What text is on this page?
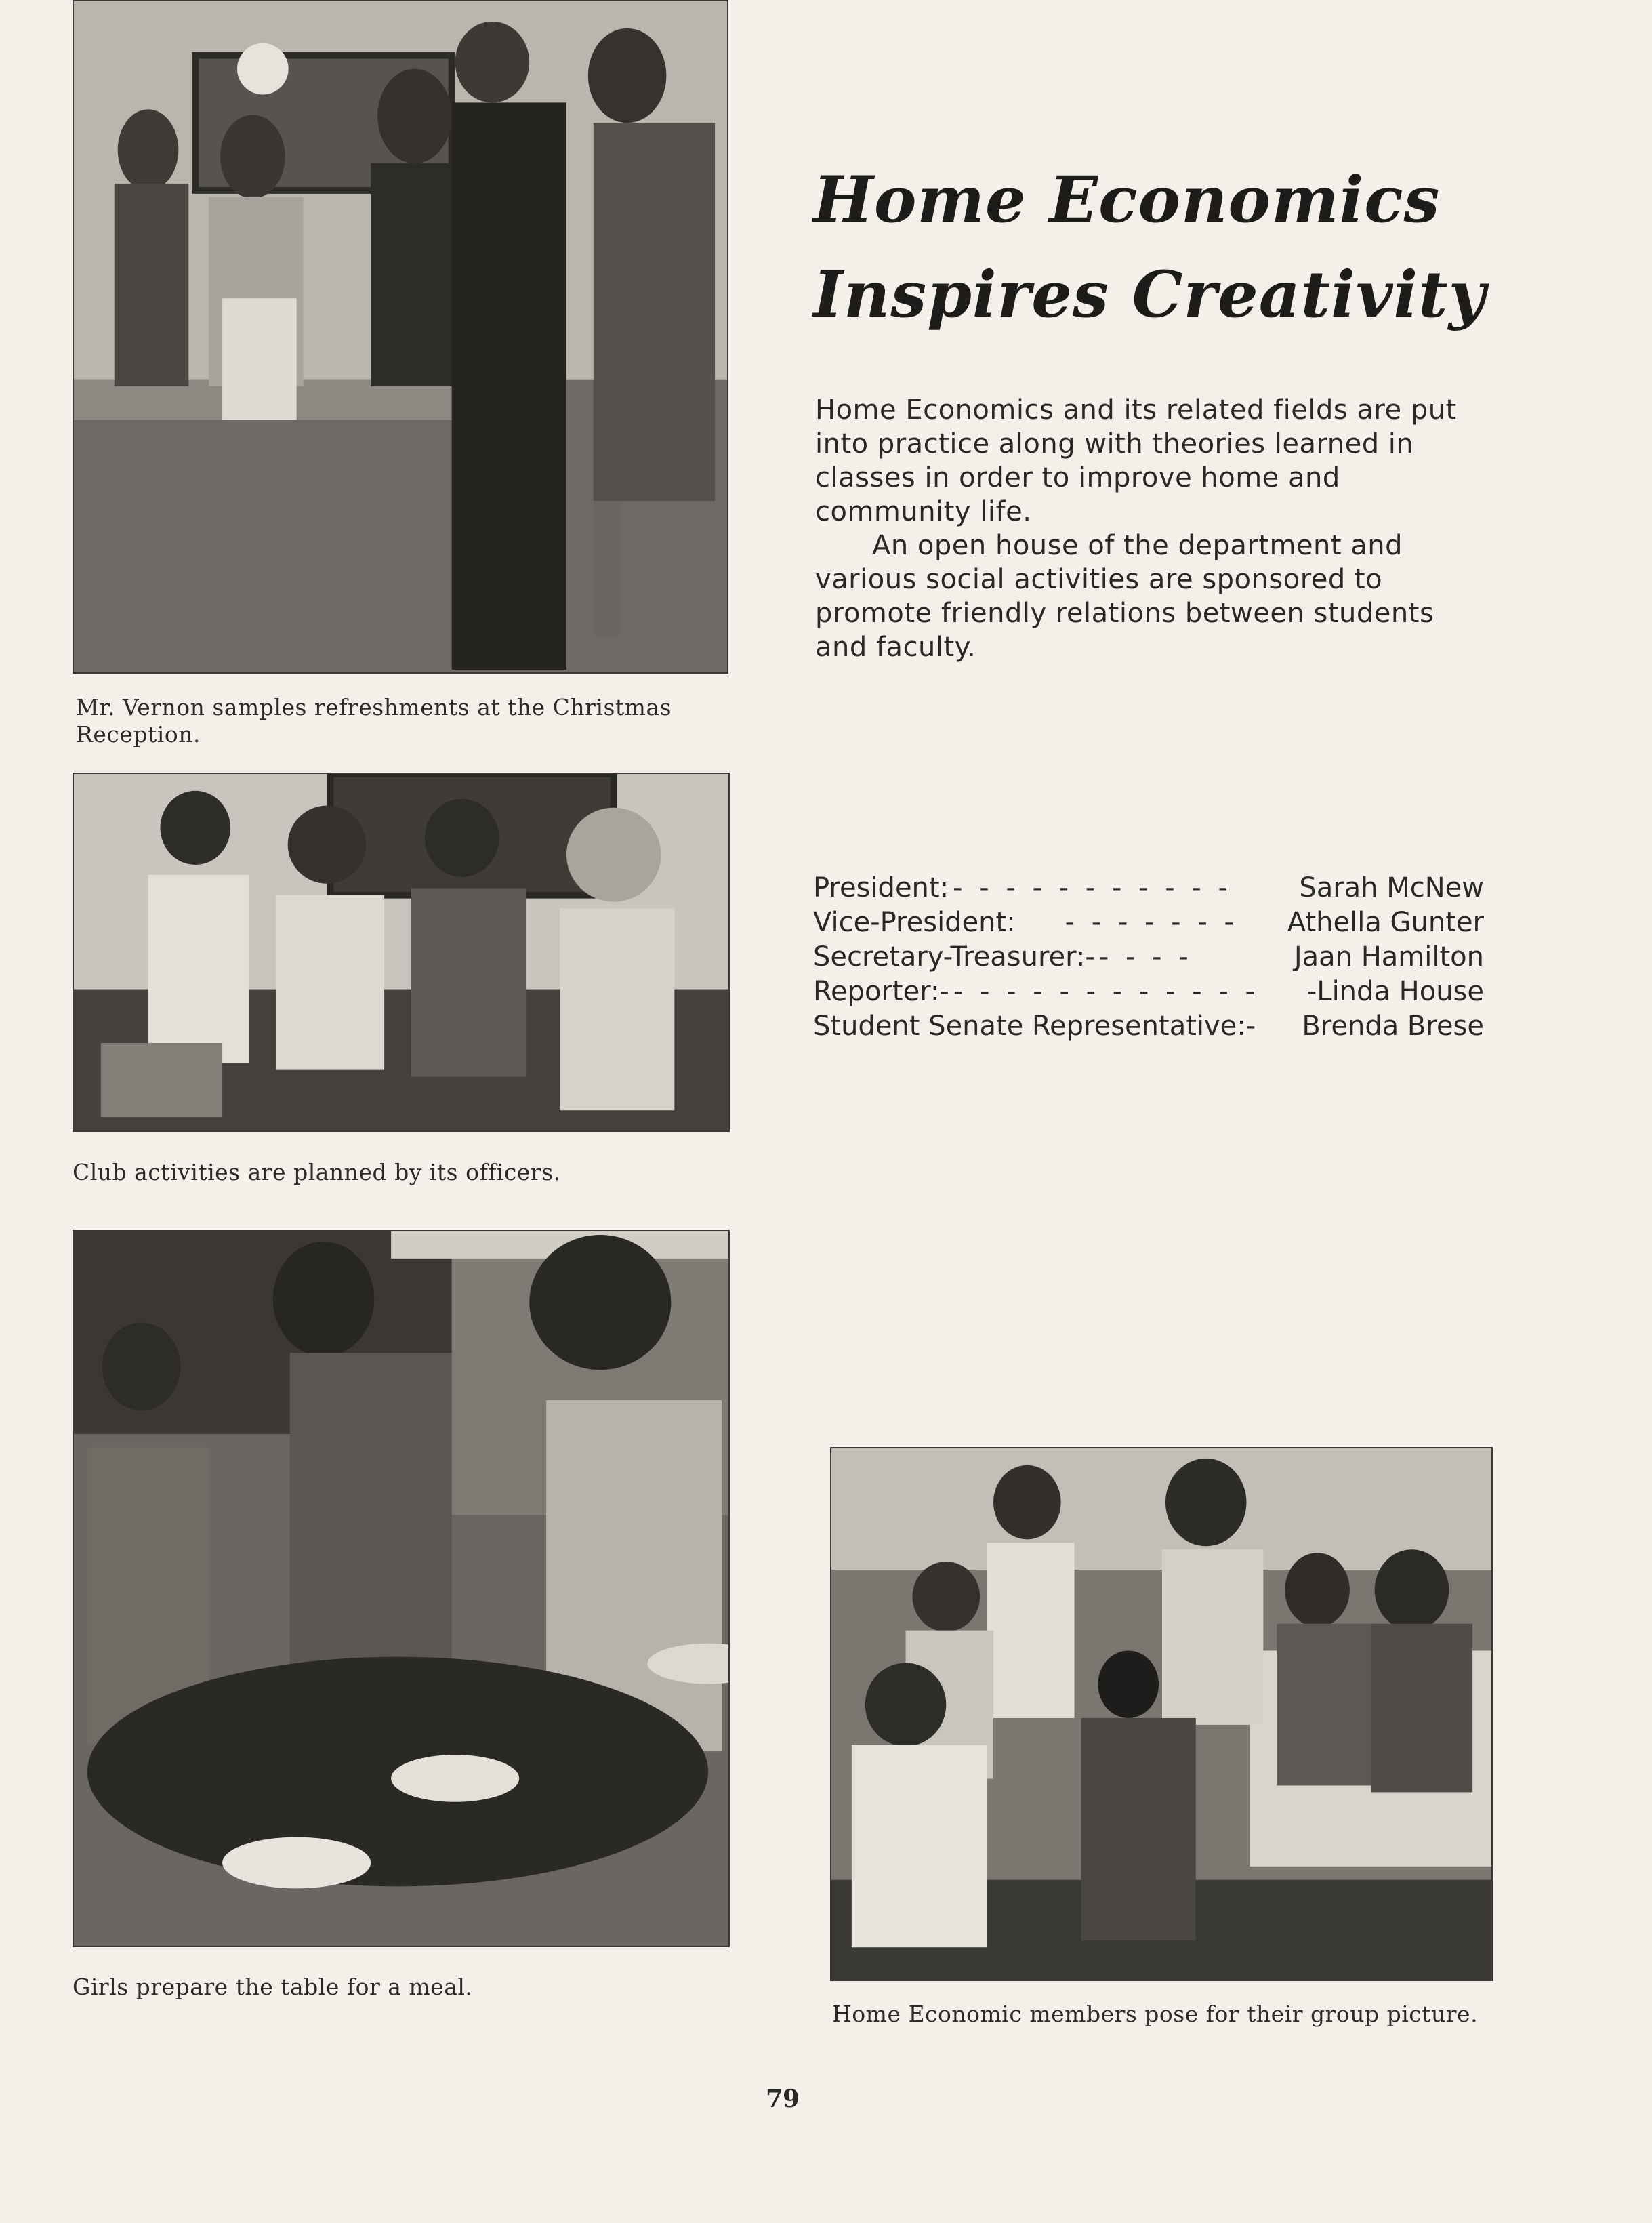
Mr. Vernon samples refreshments at the Christmas Reception.
Club activities are planned by its officers.
Girls prepare the table for a meal.
Home Economic members pose for their group picture.
Home Economics
Inspires Creativity

Home Economics and its related fields are put into practice along with theories learned in classes in order to improve home and community life.

An open house of the department and various social activities are sponsored to promote friendly relations between students and faculty.

President: - - - - - - - - - - -	Sarah McNew
Vice-President:	- - - - - - -	Athella Gunter
Secretary-Treasurer:- - - - -	Jaan Hamilton
Reporter:- - - - - - - - - - - - -	-Linda House
Student Senate Representative:- Brenda Brese
79
